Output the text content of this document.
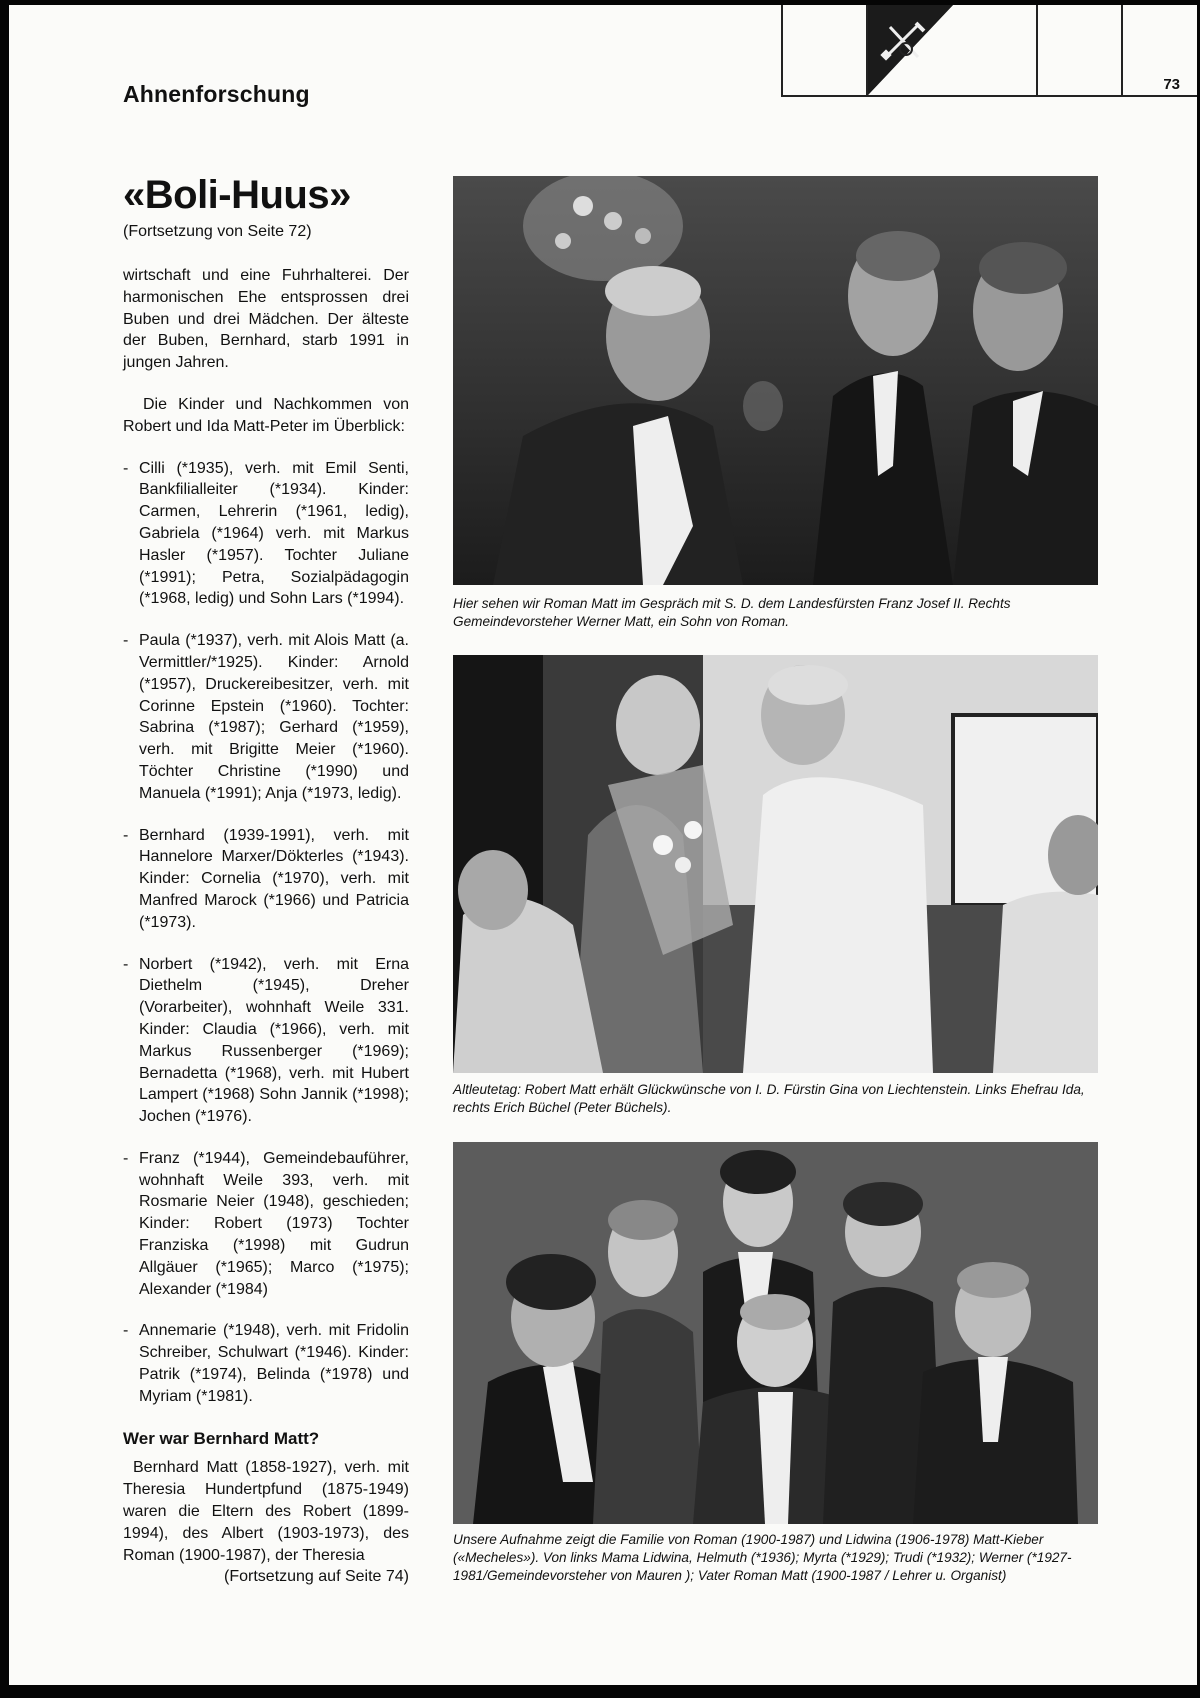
73
Ahnenforschung
«Boli-Huus»
(Fortsetzung von Seite 72)

wirtschaft und eine Fuhrhalterei. Der harmonischen Ehe entsprossen drei Buben und drei Mädchen. Der älteste der Buben, Bernhard, starb 1991 in jungen Jahren.

Die Kinder und Nachkommen von Robert und Ida Matt-Peter im Überblick:

- Cilli (*1935), verh. mit Emil Senti, Bankfilialleiter (*1934). Kinder: Carmen, Lehrerin (*1961, ledig), Gabriela (*1964) verh. mit Markus Hasler (*1957). Tochter Juliane (*1991); Petra, Sozialpädagogin (*1968, ledig) und Sohn Lars (*1994).
- Paula (*1937), verh. mit Alois Matt (a. Vermittler/*1925). Kinder: Arnold (*1957), Druckereibesitzer, verh. mit Corinne Epstein (*1960). Tochter: Sabrina (*1987); Gerhard (*1959), verh. mit Brigitte Meier (*1960). Töchter Christine (*1990) und Manuela (*1991); Anja (*1973, ledig).
- Bernhard (1939-1991), verh. mit Hannelore Marxer/Dökterles (*1943). Kinder: Cornelia (*1970), verh. mit Manfred Marock (*1966) und Patricia (*1973).
- Norbert (*1942), verh. mit Erna Diethelm (*1945), Dreher (Vorarbeiter), wohnhaft Weile 331. Kinder: Claudia (*1966), verh. mit Markus Russenberger (*1969); Bernadetta (*1968), verh. mit Hubert Lampert (*1968) Sohn Jannik (*1998); Jochen (*1976).
- Franz (*1944), Gemeindebauführer, wohnhaft Weile 393, verh. mit Rosmarie Neier (1948), geschieden; Kinder: Robert (1973) Tochter Franziska (*1998) mit Gudrun Allgäuer (*1965); Marco (*1975); Alexander (*1984)
- Annemarie (*1948), verh. mit Fridolin Schreiber, Schulwart (*1946). Kinder: Patrik (*1974), Belinda (*1978) und Myriam (*1981).
Wer war Bernhard Matt?

Bernhard Matt (1858-1927), verh. mit Theresia Hundertpfund (1875-1949) waren die Eltern des Robert (1899-1994), des Albert (1903-1973), des Roman (1900-1987), der Theresia

(Fortsetzung auf Seite 74)
Hier sehen wir Roman Matt im Gespräch mit S. D. dem Landesfürsten Franz Josef II. Rechts Gemeindevorsteher Werner Matt, ein Sohn von Roman.
Altleutetag: Robert Matt erhält Glückwünsche von I. D. Fürstin Gina von Liechtenstein. Links Ehefrau Ida, rechts Erich Büchel (Peter Büchels).
Unsere Aufnahme zeigt die Familie von Roman (1900-1987) und Lidwina (1906-1978) Matt-Kieber («Mecheles»). Von links Mama Lidwina, Helmuth (*1936); Myrta (*1929); Trudi (*1932); Werner (*1927-1981/Gemeindevorsteher von Mauren ); Vater Roman Matt (1900-1987 / Lehrer u. Organist)
